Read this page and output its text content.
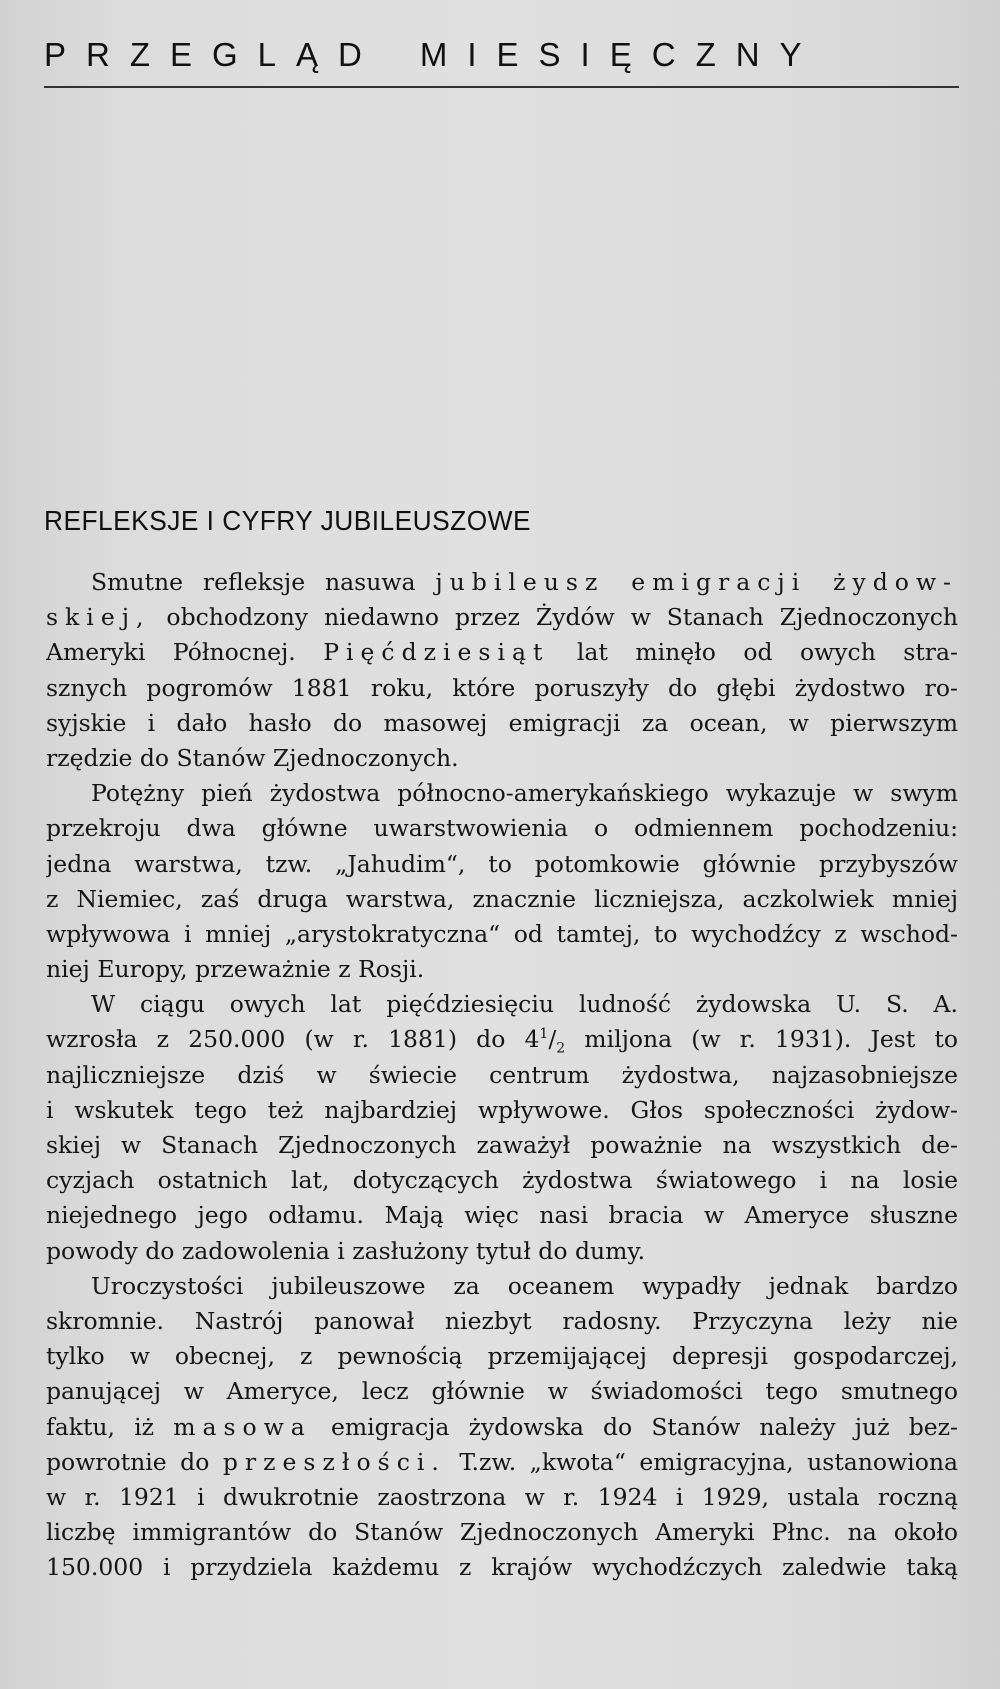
PRZEGLĄD MIESIĘCZNY
REFLEKSJE I CYFRY JUBILEUSZOWE
Smutne refleksje nasuwa jubileusz emigracji żydow-
skiej, obchodzony niedawno przez Żydów w Stanach Zjednoczonych
Ameryki Północnej. Pięćdziesiąt lat minęło od owych stra-
sznych pogromów 1881 roku, które poruszyły do głębi żydostwo ro-
syjskie i dało hasło do masowej emigracji za ocean, w pierwszym
rzędzie do Stanów Zjednoczonych.
Potężny pień żydostwa północno-amerykańskiego wykazuje w swym
przekroju dwa główne uwarstwowienia o odmiennem pochodzeniu:
jedna warstwa, tzw. „Jahudim“, to potomkowie głównie przybyszów
z Niemiec, zaś druga warstwa, znacznie liczniejsza, aczkolwiek mniej
wpływowa i mniej „arystokratyczna“ od tamtej, to wychodźcy z wschod-
niej Europy, przeważnie z Rosji.
W ciągu owych lat pięćdziesięciu ludność żydowska U. S. A.
wzrosła z 250.000 (w r. 1881) do $4^1/_2$ miljona (w r. 1931). Jest to
najliczniejsze dziś w świecie centrum żydostwa, najzasobniejsze
i wskutek tego też najbardziej wpływowe. Głos społeczności żydow-
skiej w Stanach Zjednoczonych zaważył poważnie na wszystkich de-
cyzjach ostatnich lat, dotyczących żydostwa światowego i na losie
niejednego jego odłamu. Mają więc nasi bracia w Ameryce słuszne
powody do zadowolenia i zasłużony tytuł do dumy.
Uroczystości jubileuszowe za oceanem wypadły jednak bardzo
skromnie. Nastrój panował niezbyt radosny. Przyczyna leży nie
tylko w obecnej, z pewnością przemijającej depresji gospodarczej,
panującej w Ameryce, lecz głównie w świadomości tego smutnego
faktu, iż masowa emigracja żydowska do Stanów należy już bez-
powrotnie do przeszłości. T.zw. „kwota“ emigracyjna, ustanowiona
w r. 1921 i dwukrotnie zaostrzona w r. 1924 i 1929, ustala roczną
liczbę immigrantów do Stanów Zjednoczonych Ameryki Płnc. na około
150.000 i przydziela każdemu z krajów wychodźczych zaledwie taką
